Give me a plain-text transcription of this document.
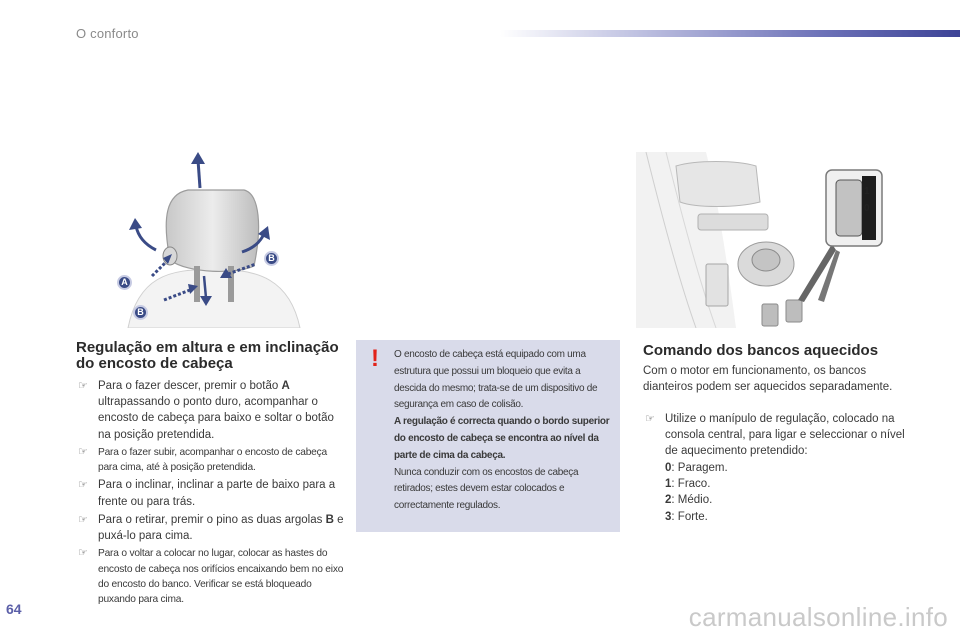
O conforto
A
B
B
1
0
Regulação em altura e em inclinação do encosto de cabeça
☞ Para o fazer descer, premir o botão A ultrapassando o ponto duro, acompanhar o encosto de cabeça para baixo e soltar o botão na posição pretendida.
☞ Para o fazer subir, acompanhar o encosto de cabeça para cima, até à posição pretendida.
☞ Para o inclinar, inclinar a parte de baixo para a frente ou para trás.
☞ Para o retirar, premir o pino as duas argolas B e puxá-lo para cima.
☞ Para o voltar a colocar no lugar, colocar as hastes do encosto de cabeça nos orifícios encaixando bem no eixo do encosto do banco. Verificar se está bloqueado puxando para cima.
!	O encosto de cabeça está equipado com uma estrutura que possui um bloqueio que evita a descida do mesmo; trata-se de um dispositivo de segurança em caso de colisão.

A regulação é correcta quando o bordo superior do encosto de cabeça se encontra ao nível da parte de cima da cabeça.

Nunca conduzir com os encostos de cabeça retirados; estes devem estar colocados e correctamente regulados.

Comando dos bancos aquecidos
Com o motor em funcionamento, os bancos dianteiros podem ser aquecidos separadamente.
☞ Utilize o manípulo de regulação, colocado na consola central, para ligar e seleccionar o nível de aquecimento pretendido:
0: Paragem.
1: Fraco.
2: Médio.
3: Forte.
64	carmanualsonline.info
